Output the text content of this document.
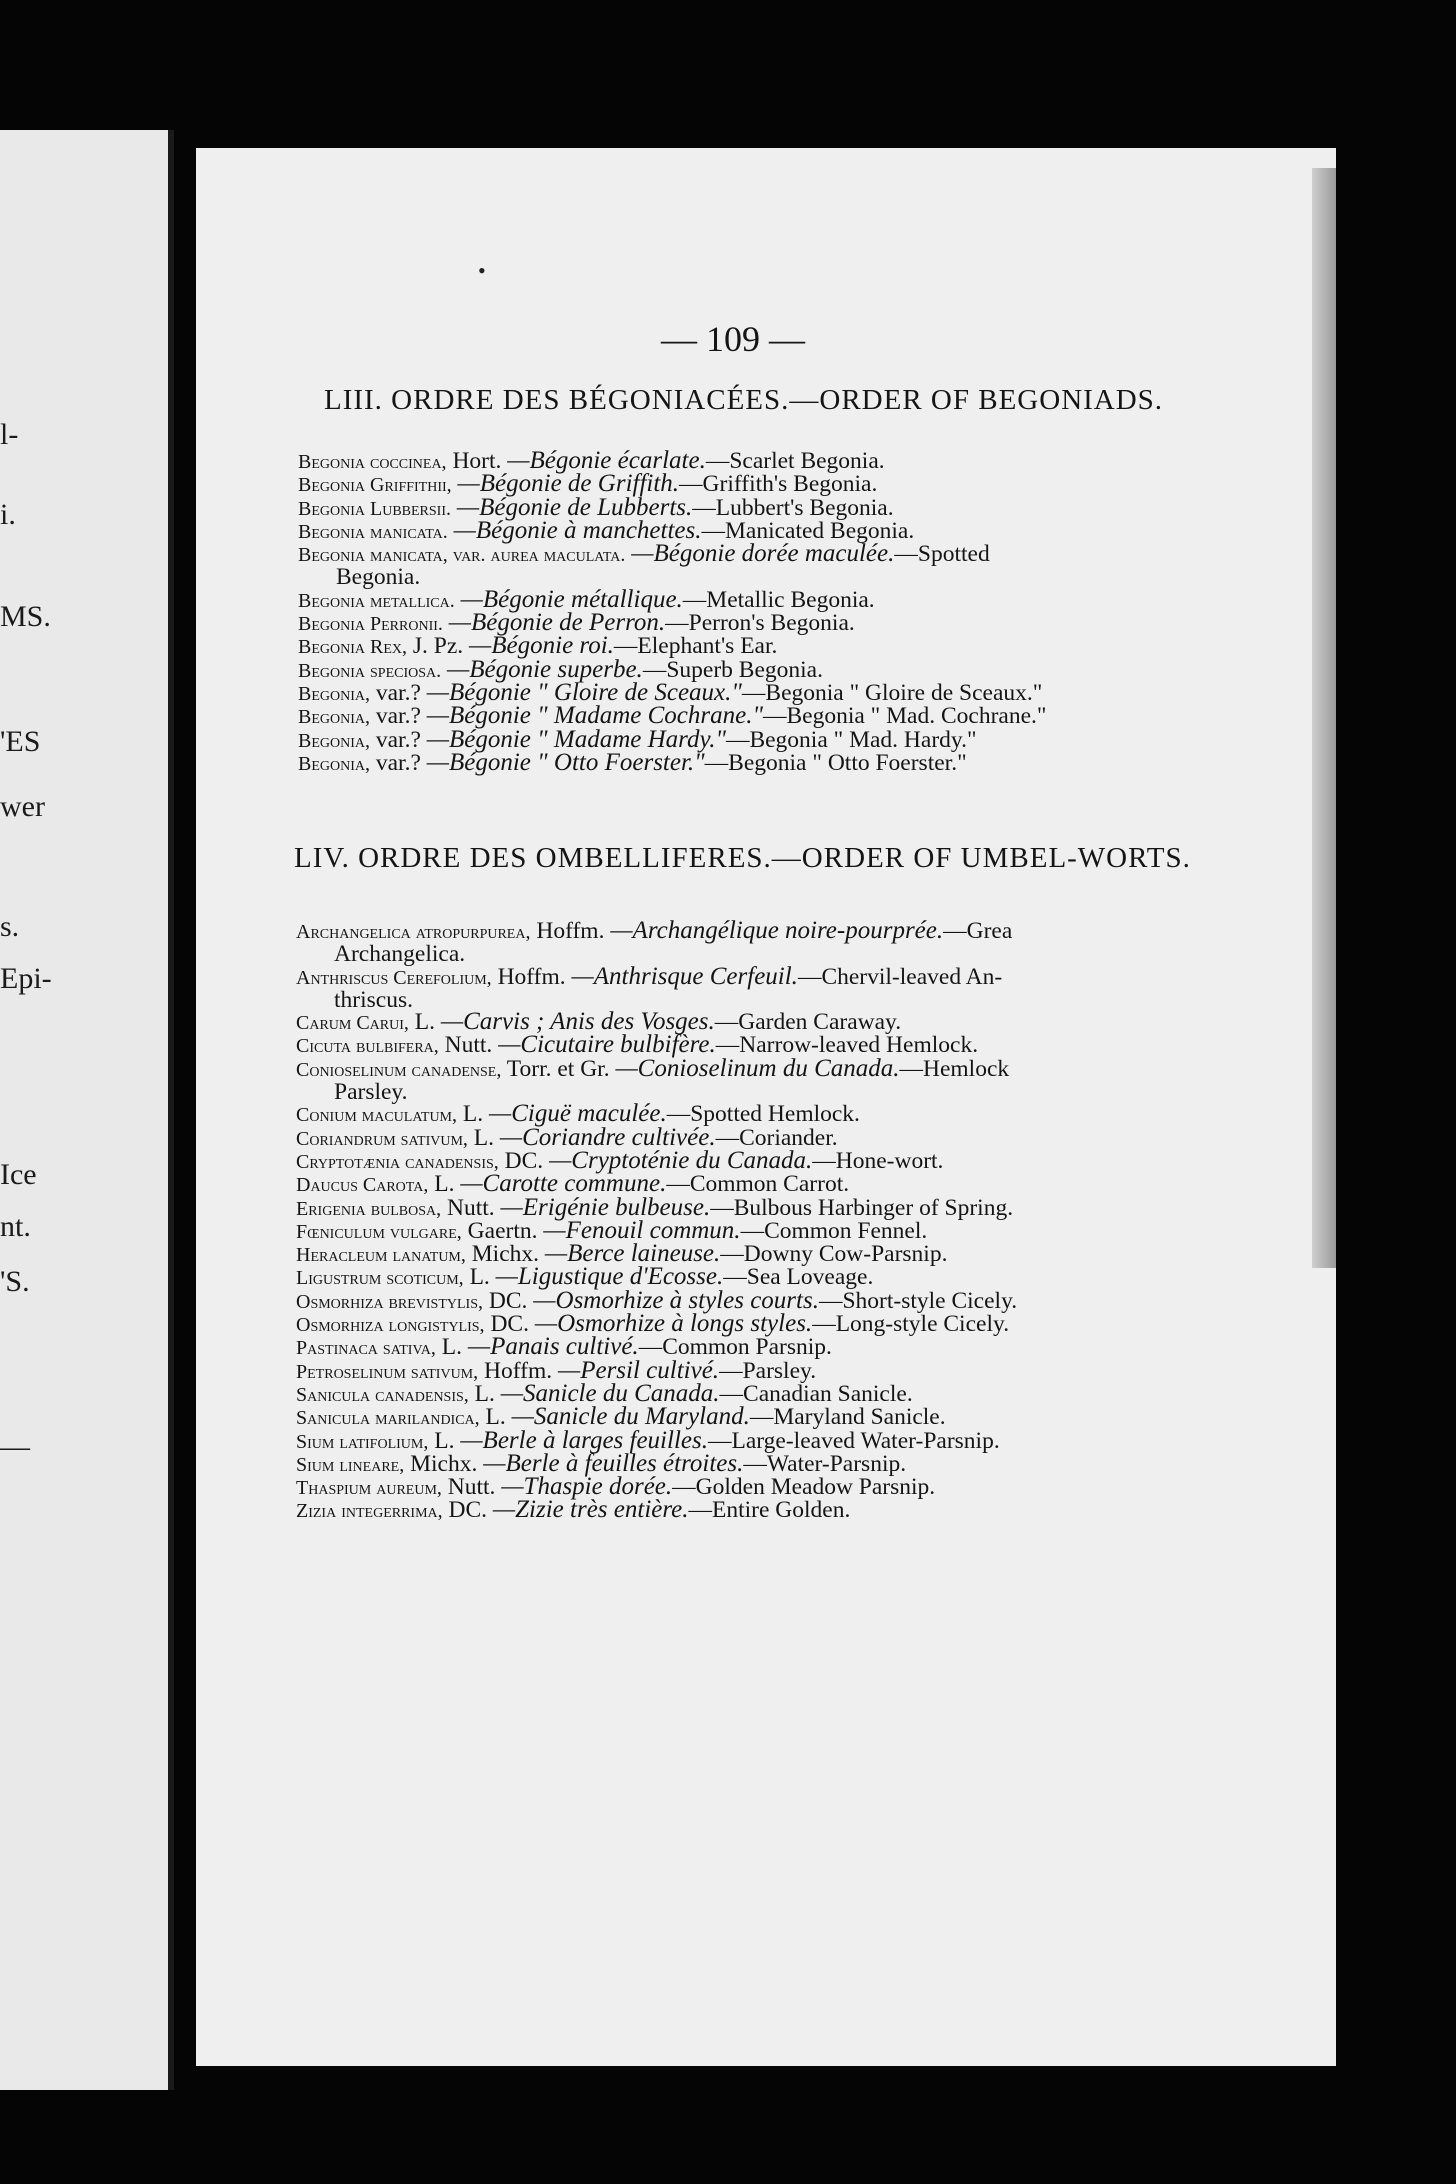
l-
i.
MS.
'ES
wer
s.
Epi-
Ice
nt.
'S.
—
•
— 109 —
LIII. ORDRE DES BÉGONIACÉES.—ORDER OF BEGONIADS.
Begonia coccinea, Hort. —Bégonie écarlate.—Scarlet Begonia.
Begonia Griffithii, —Bégonie de Griffith.—Griffith's Begonia.
Begonia Lubbersii. —Bégonie de Lubberts.—Lubbert's Begonia.
Begonia manicata. —Bégonie à manchettes.—Manicated Begonia.
Begonia manicata, var. aurea maculata. —Bégonie dorée maculée.—Spotted
Begonia.
Begonia metallica. —Bégonie métallique.—Metallic Begonia.
Begonia Perronii. —Bégonie de Perron.—Perron's Begonia.
Begonia Rex, J. Pz. —Bégonie roi.—Elephant's Ear.
Begonia speciosa. —Bégonie superbe.—Superb Begonia.
Begonia, var.? —Bégonie " Gloire de Sceaux."—Begonia " Gloire de Sceaux."
Begonia, var.? —Bégonie " Madame Cochrane."—Begonia " Mad. Cochrane."
Begonia, var.? —Bégonie " Madame Hardy."—Begonia " Mad. Hardy."
Begonia, var.? —Bégonie " Otto Foerster."—Begonia " Otto Foerster."
LIV. ORDRE DES OMBELLIFERES.—ORDER OF UMBEL-WORTS.
Archangelica atropurpurea, Hoffm. —Archangélique noire-pourprée.—Grea
Archangelica.
Anthriscus Cerefolium, Hoffm. —Anthrisque Cerfeuil.—Chervil-leaved An-
thriscus.
Carum Carui, L. —Carvis ; Anis des Vosges.—Garden Caraway.
Cicuta bulbifera, Nutt. —Cicutaire bulbifère.—Narrow-leaved Hemlock.
Conioselinum canadense, Torr. et Gr. —Conioselinum du Canada.—Hemlock
Parsley.
Conium maculatum, L. —Ciguë maculée.—Spotted Hemlock.
Coriandrum sativum, L. —Coriandre cultivée.—Coriander.
Cryptotænia canadensis, DC. —Cryptoténie du Canada.—Hone-wort.
Daucus Carota, L. —Carotte commune.—Common Carrot.
Erigenia bulbosa, Nutt. —Erigénie bulbeuse.—Bulbous Harbinger of Spring.
Fœniculum vulgare, Gaertn. —Fenouil commun.—Common Fennel.
Heracleum lanatum, Michx. —Berce laineuse.—Downy Cow-Parsnip.
Ligustrum scoticum, L. —Ligustique d'Ecosse.—Sea Loveage.
Osmorhiza brevistylis, DC. —Osmorhize à styles courts.—Short-style Cicely.
Osmorhiza longistylis, DC. —Osmorhize à longs styles.—Long-style Cicely.
Pastinaca sativa, L. —Panais cultivé.—Common Parsnip.
Petroselinum sativum, Hoffm. —Persil cultivé.—Parsley.
Sanicula canadensis, L. —Sanicle du Canada.—Canadian Sanicle.
Sanicula marilandica, L. —Sanicle du Maryland.—Maryland Sanicle.
Sium latifolium, L. —Berle à larges feuilles.—Large-leaved Water-Parsnip.
Sium lineare, Michx. —Berle à feuilles étroites.—Water-Parsnip.
Thaspium aureum, Nutt. —Thaspie dorée.—Golden Meadow Parsnip.
Zizia integerrima, DC. —Zizie très entière.—Entire Golden.
